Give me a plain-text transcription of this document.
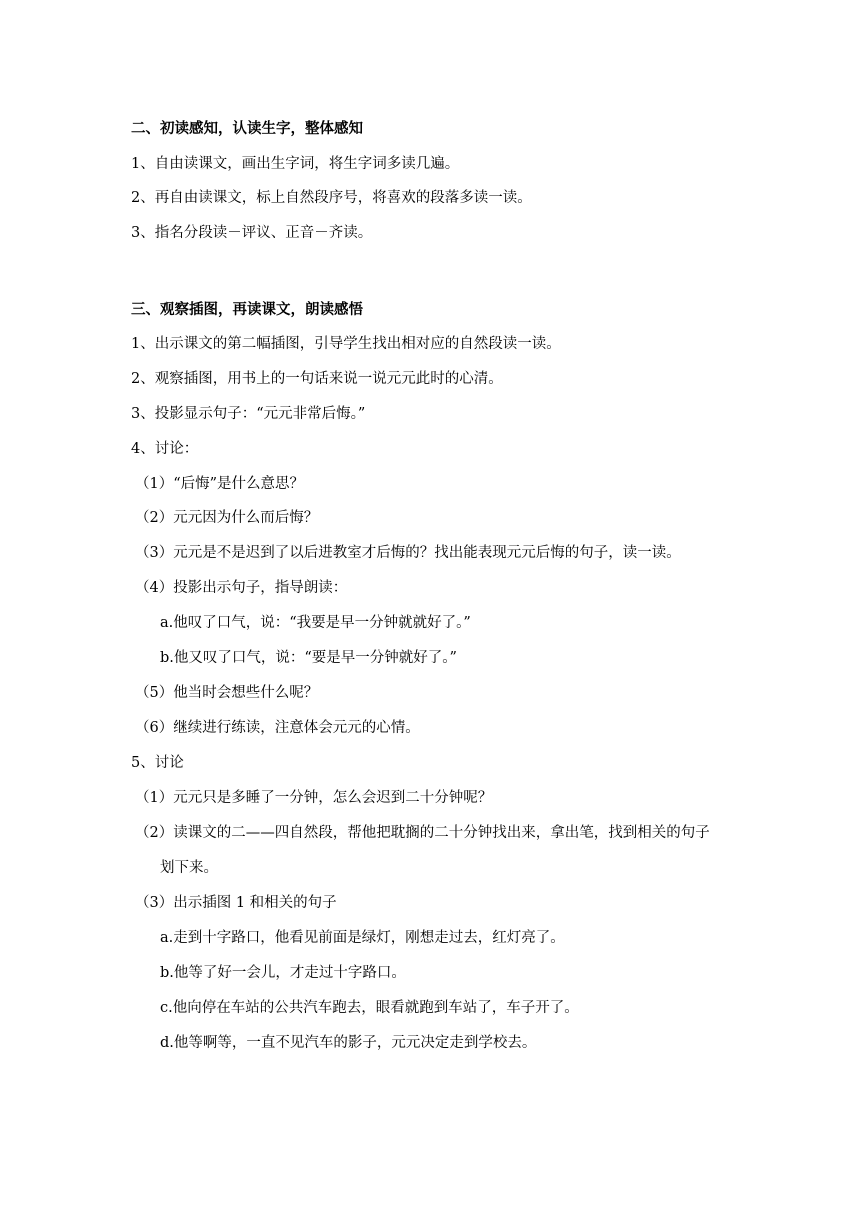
二、初读感知，认读生字，整体感知
1、自由读课文，画出生字词，将生字词多读几遍。
2、再自由读课文，标上自然段序号，将喜欢的段落多读一读。
3、指名分段读－评议、正音－齐读。
三、观察插图，再读课文，朗读感悟
1、出示课文的第二幅插图，引导学生找出相对应的自然段读一读。
2、观察插图，用书上的一句话来说一说元元此时的心清。
3、投影显示句子：“元元非常后悔。”
4、讨论：
（1）“后悔”是什么意思？
（2）元元因为什么而后悔？
（3）元元是不是迟到了以后进教室才后悔的？找出能表现元元后悔的句子，读一读。
（4）投影出示句子，指导朗读：
a.他叹了口气，说：“我要是早一分钟就就好了。”
b.他又叹了口气，说：“要是早一分钟就好了。”
（5）他当时会想些什么呢？
（6）继续进行练读，注意体会元元的心情。
5、讨论
（1）元元只是多睡了一分钟，怎么会迟到二十分钟呢？
（2）读课文的二——四自然段，帮他把耽搁的二十分钟找出来，拿出笔，找到相关的句子
划下来。
（3）出示插图 1 和相关的句子
a.走到十字路口，他看见前面是绿灯，刚想走过去，红灯亮了。
b.他等了好一会儿，才走过十字路口。
c.他向停在车站的公共汽车跑去，眼看就跑到车站了，车子开了。
d.他等啊等，一直不见汽车的影子，元元决定走到学校去。
